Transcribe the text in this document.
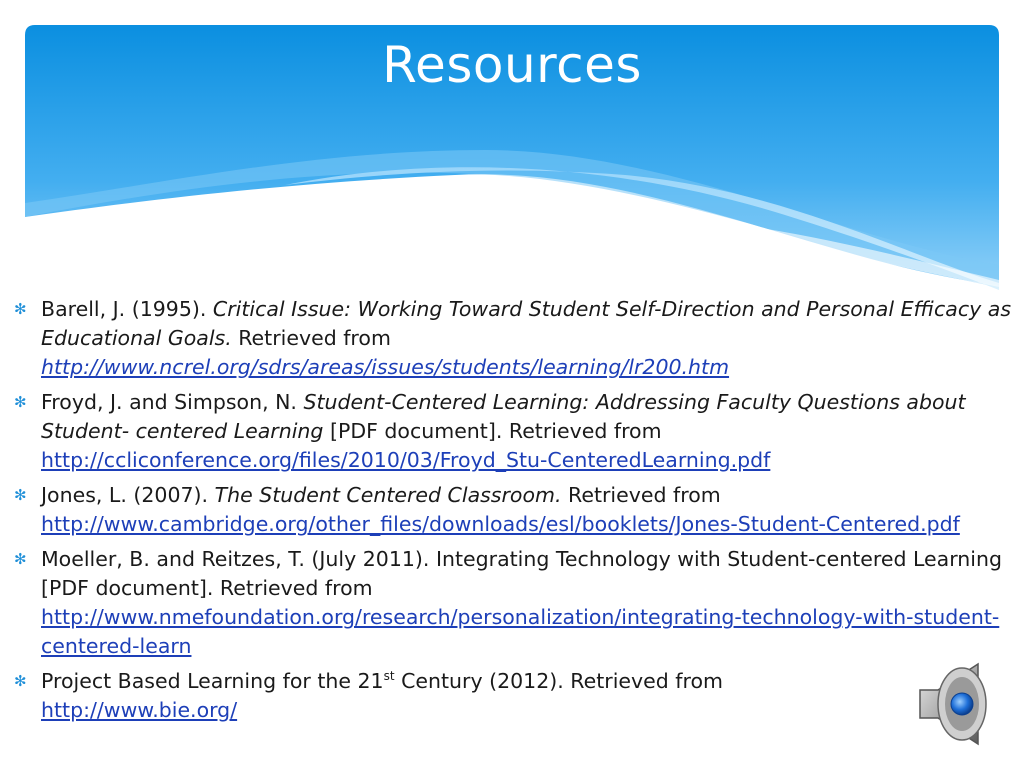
Resources
✻ Barell, J. (1995). Critical Issue: Working Toward Student Self-Direction and Personal Efficacy as Educational Goals. Retrieved from
http://www.ncrel.org/sdrs/areas/issues/students/learning/lr200.htm
✻ Froyd, J. and Simpson, N. Student-Centered Learning: Addressing Faculty Questions about Student- centered Learning [PDF document]. Retrieved from
http://ccliconference.org/files/2010/03/Froyd_Stu-CenteredLearning.pdf
✻ Jones, L. (2007). The Student Centered Classroom. Retrieved from
http://www.cambridge.org/other_files/downloads/esl/booklets/Jones-Student-Centered.pdf
✻ Moeller, B. and Reitzes, T. (July 2011). Integrating Technology with Student-centered Learning [PDF document]. Retrieved from
http://www.nmefoundation.org/research/personalization/integrating-technology-with-student-centered-learn
✻ Project Based Learning for the 21st Century (2012). Retrieved from
http://www.bie.org/
